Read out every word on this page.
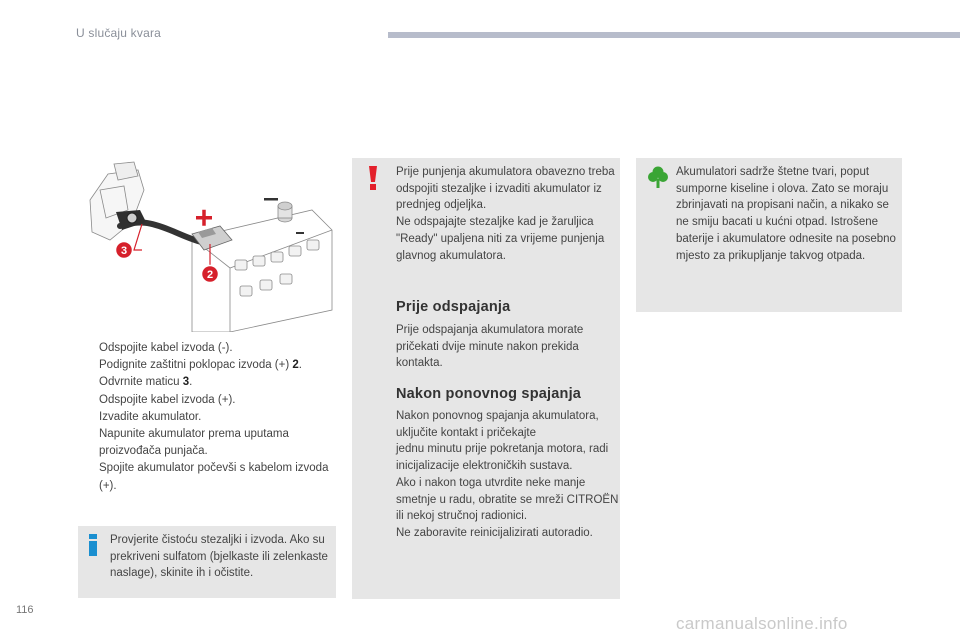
U slučaju kvara
3
2
Odspojite kabel izvoda (-).
Podignite zaštitni poklopac izvoda (+) 2.
Odvrnite maticu 3.
Odspojite kabel izvoda (+).
Izvadite akumulator.
Napunite akumulator prema uputama proizvođača punjača.
Spojite akumulator počevši s kabelom izvoda (+).
Provjerite čistoću stezaljki i izvoda. Ako su prekriveni sulfatom (bjelkaste ili zelenkaste naslage), skinite ih i očistite.

Prije punjenja akumulatora obavezno treba odspojiti stezaljke i izvaditi akumulator iz prednjeg odjeljka.

Ne odspajajte stezaljke kad je žaruljica "Ready" upaljena niti za vrijeme punjenja glavnog akumulatora.

Prije odspajanja
Prije odspajanja akumulatora morate pričekati dvije minute nakon prekida kontakta.
Nakon ponovnog spajanja

Nakon ponovnog spajanja akumulatora, uključite kontakt i pričekajte

jednu minutu prije pokretanja motora, radi inicijalizacije elektroničkih sustava.

Ako i nakon toga utvrdite neke manje smetnje u radu, obratite se mreži CITROËN ili nekoj stručnoj radionici.

Ne zaboravite reinicijalizirati autoradio.

Akumulatori sadrže štetne tvari, poput sumporne kiseline i olova. Zato se moraju zbrinjavati na propisani način, a nikako se ne smiju bacati u kućni otpad. Istrošene baterije i akumulatore odnesite na posebno mjesto za prikupljanje takvog otpada.
116
carmanualsonline.info
